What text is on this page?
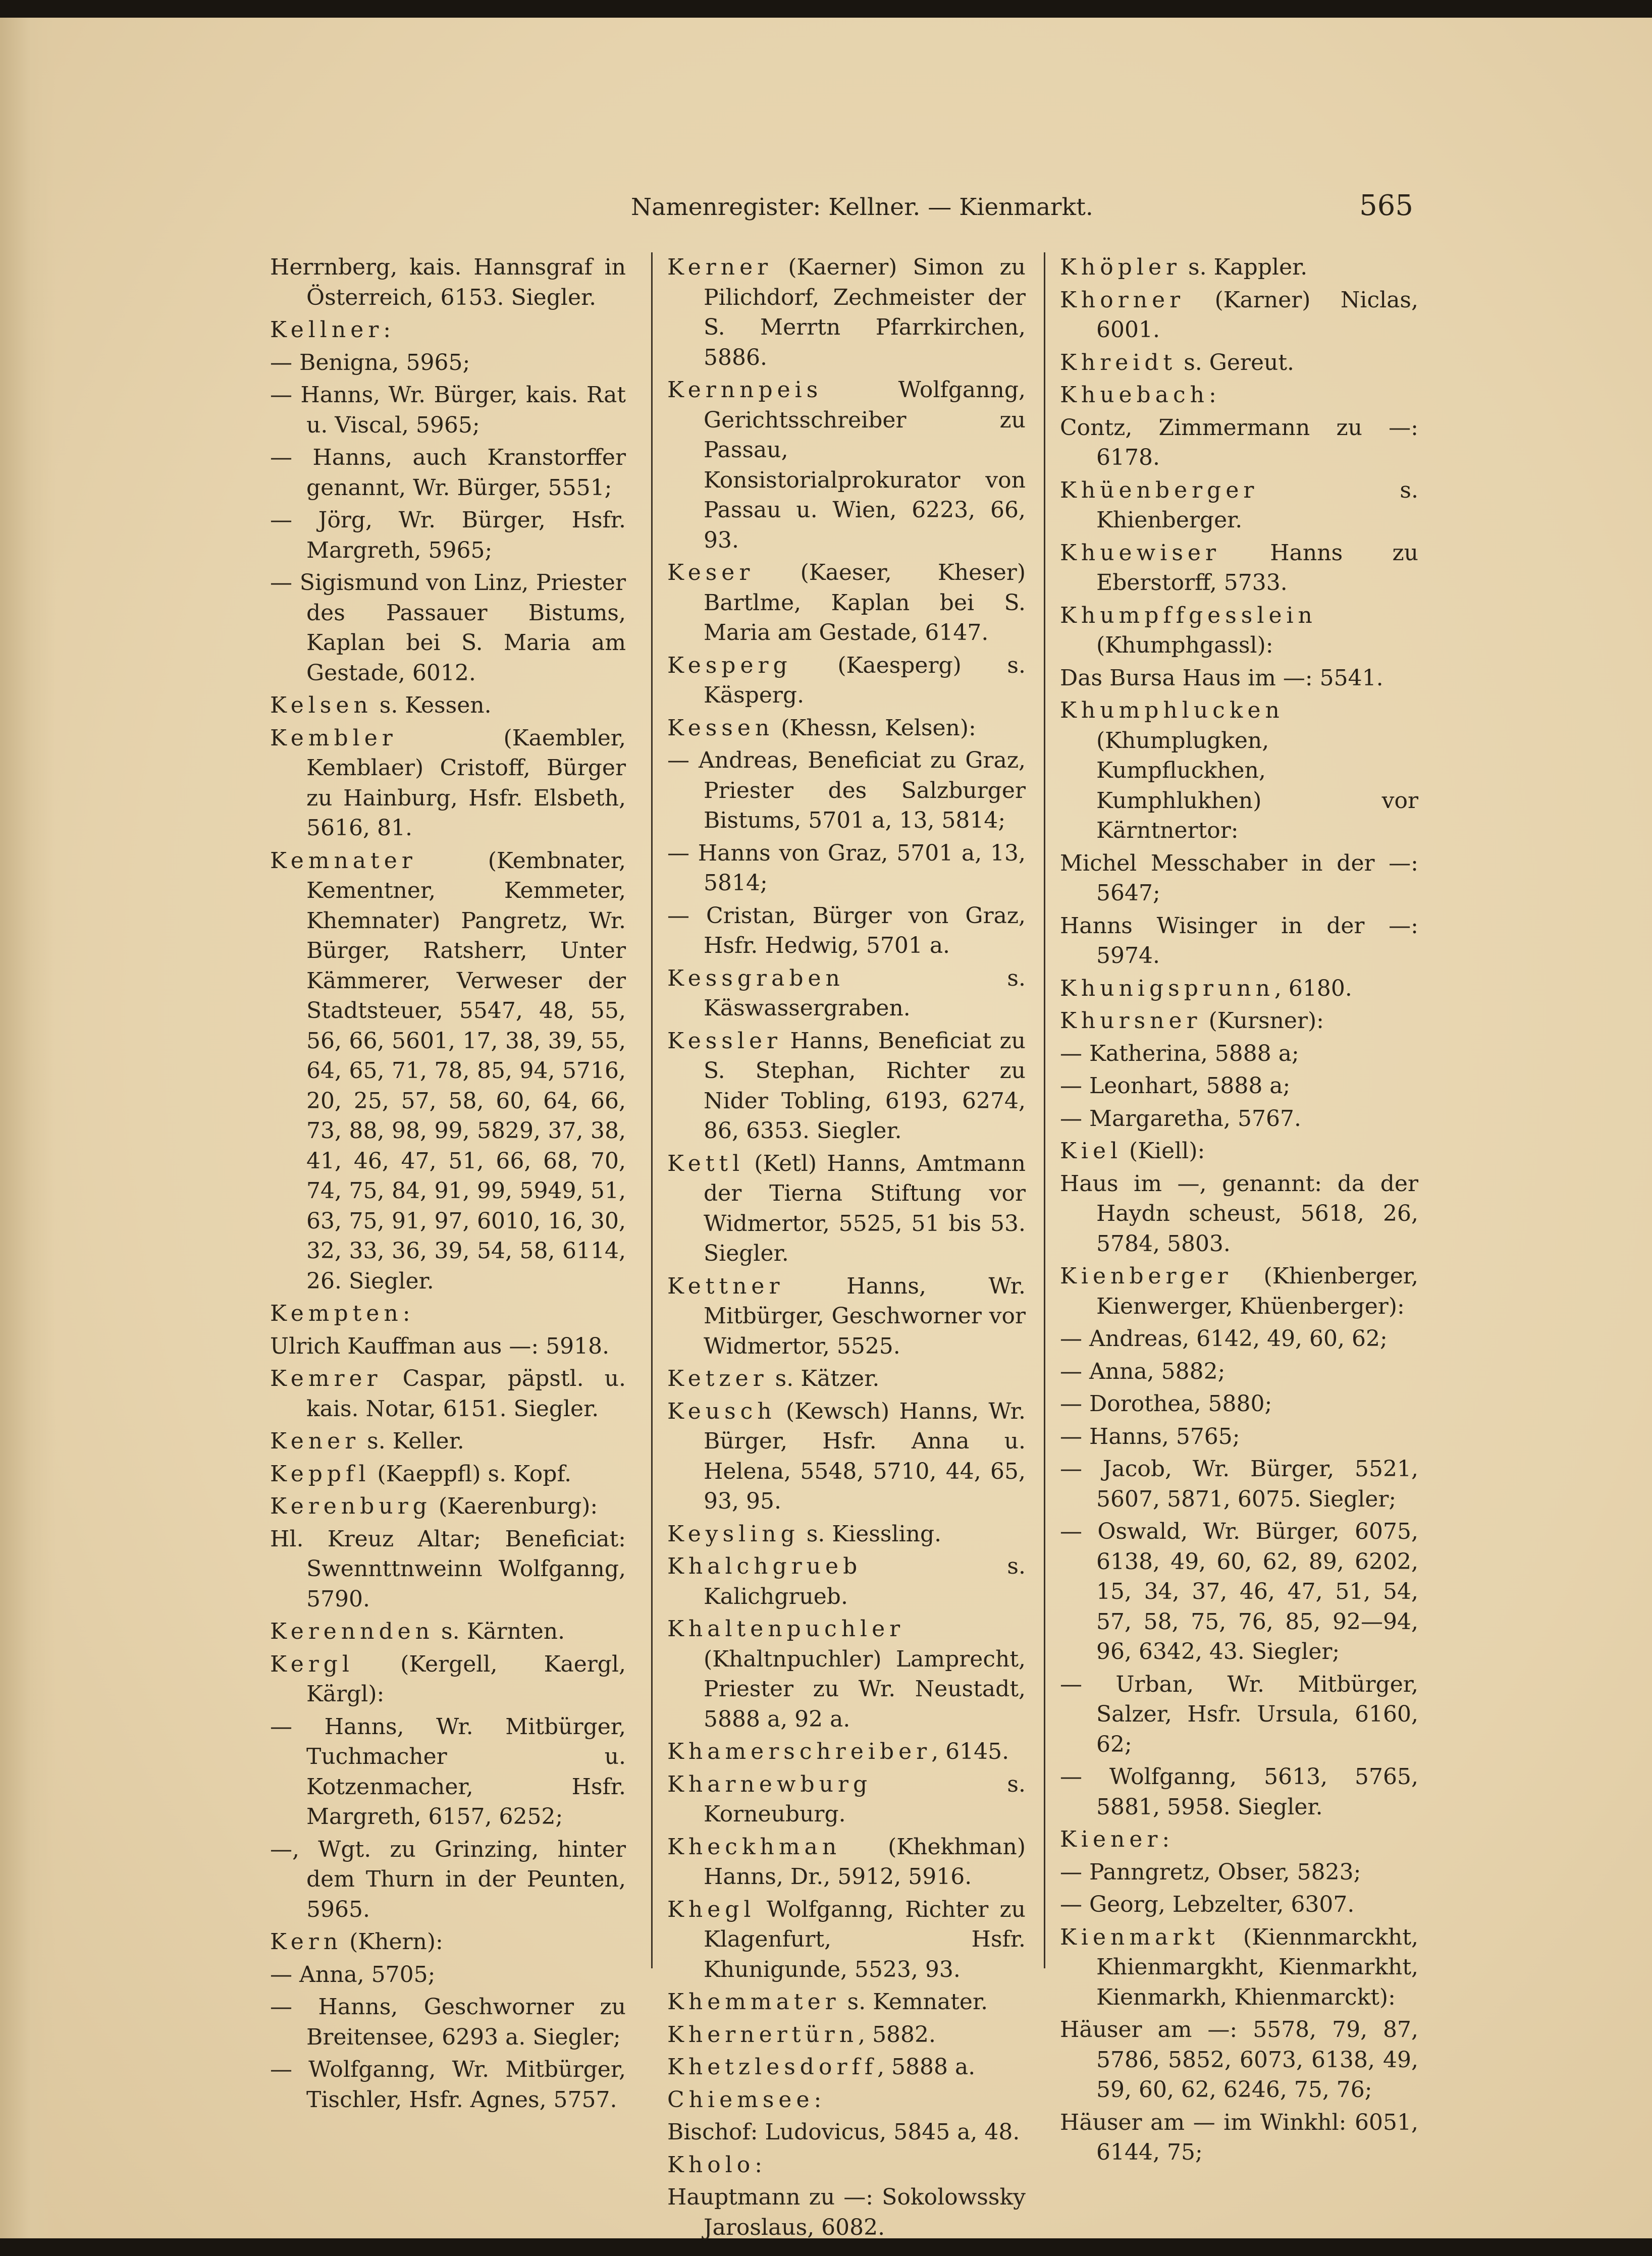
Namenregister: Kellner. — Kienmarkt.	565

Herrnberg, kais. Hannsgraf in Österreich, 6153. Siegler.

Kellner:

— Benigna, 5965;

— Hanns, Wr. Bürger, kais. Rat u. Viscal, 5965;

— Hanns, auch Kranstorffer genannt, Wr. Bürger, 5551;

— Jörg, Wr. Bürger, Hsfr. Margreth, 5965;

— Sigismund von Linz, Priester des Passauer Bistums, Kaplan bei S. Maria am Gestade, 6012.

Kelsen s. Kessen.

Kembler (Kaembler, Kemblaer) Cristoff, Bürger zu Hainburg, Hsfr. Elsbeth, 5616, 81.

Kemnater (Kembnater, Kementner, Kemmeter, Khemnater) Pangretz, Wr. Bürger, Ratsherr, Unter Kämmerer, Verweser der Stadtsteuer, 5547, 48, 55, 56, 66, 5601, 17, 38, 39, 55, 64, 65, 71, 78, 85, 94, 5716, 20, 25, 57, 58, 60, 64, 66, 73, 88, 98, 99, 5829, 37, 38, 41, 46, 47, 51, 66, 68, 70, 74, 75, 84, 91, 99, 5949, 51, 63, 75, 91, 97, 6010, 16, 30, 32, 33, 36, 39, 54, 58, 6114, 26. Siegler.

Kempten:

Ulrich Kauffman aus —: 5918.

Kemrer Caspar, päpstl. u. kais. Notar, 6151. Siegler.

Kener s. Keller.

Keppfl (Kaeppfl) s. Kopf.

Kerenburg (Kaerenburg):

Hl. Kreuz Altar; Beneficiat: Swennttnweinn Wolfganng, 5790.

Kerennden s. Kärnten.

Kergl (Kergell, Kaergl, Kärgl):

— Hanns, Wr. Mitbürger, Tuchmacher u. Kotzenmacher, Hsfr. Margreth, 6157, 6252;

—, Wgt. zu Grinzing, hinter dem Thurn in der Peunten, 5965.

Kern (Khern):

— Anna, 5705;

— Hanns, Geschworner zu Breitensee, 6293 a. Siegler;

— Wolfganng, Wr. Mitbürger, Tischler, Hsfr. Agnes, 5757.

Kerner (Kaerner) Simon zu Pilichdorf, Zechmeister der S. Merrtn Pfarrkirchen, 5886.

Kernnpeis Wolfganng, Gerichtsschreiber zu Passau, Konsistorialprokurator von Passau u. Wien, 6223, 66, 93.

Keser (Kaeser, Kheser) Bartlme, Kaplan bei S. Maria am Gestade, 6147.

Kesperg (Kaesperg) s. Käsperg.

Kessen (Khessn, Kelsen):

— Andreas, Beneficiat zu Graz, Priester des Salzburger Bistums, 5701 a, 13, 5814;

— Hanns von Graz, 5701 a, 13, 5814;

— Cristan, Bürger von Graz, Hsfr. Hedwig, 5701 a.

Kessgraben s. Käswassergraben.

Kessler Hanns, Beneficiat zu S. Stephan, Richter zu Nider Tobling, 6193, 6274, 86, 6353. Siegler.

Kettl (Ketl) Hanns, Amtmann der Tierna Stiftung vor Widmertor, 5525, 51 bis 53. Siegler.

Kettner Hanns, Wr. Mitbürger, Geschworner vor Widmertor, 5525.

Ketzer s. Kätzer.

Keusch (Kewsch) Hanns, Wr. Bürger, Hsfr. Anna u. Helena, 5548, 5710, 44, 65, 93, 95.

Keysling s. Kiessling.

Khalchgrueb s. Kalichgrueb.

Khaltenpuchler (Khaltnpuchler) Lamprecht, Priester zu Wr. Neustadt, 5888 a, 92 a.

Khamerschreiber, 6145.

Kharnewburg s. Korneuburg.

Kheckhman (Khekhman) Hanns, Dr., 5912, 5916.

Khegl Wolfganng, Richter zu Klagenfurt, Hsfr. Khunigunde, 5523, 93.

Khemmater s. Kemnater.

Khernertürn, 5882.

Khetzlesdorff, 5888 a.

Chiemsee:

Bischof: Ludovicus, 5845 a, 48.

Kholo:

Hauptmann zu —: Sokolowssky Jaroslaus, 6082.

Khöpler s. Kappler.

Khorner (Karner) Niclas, 6001.

Khreidt s. Gereut.

Khuebach:

Contz, Zimmermann zu —: 6178.

Khüenberger s. Khienberger.

Khuewiser Hanns zu Eberstorff, 5733.

Khumpffgesslein (Khumphgassl):

Das Bursa Haus im —: 5541.

Khumphlucken (Khumplugken, Kumpfluckhen, Kumphlukhen) vor Kärntnertor:

Michel Messchaber in der —: 5647;

Hanns Wisinger in der —: 5974.

Khunigsprunn, 6180.

Khursner (Kursner):

— Katherina, 5888 a;

— Leonhart, 5888 a;

— Margaretha, 5767.

Kiel (Kiell):

Haus im —, genannt: da der Haydn scheust, 5618, 26, 5784, 5803.

Kienberger (Khienberger, Kienwerger, Khüenberger):

— Andreas, 6142, 49, 60, 62;

— Anna, 5882;

— Dorothea, 5880;

— Hanns, 5765;

— Jacob, Wr. Bürger, 5521, 5607, 5871, 6075. Siegler;

— Oswald, Wr. Bürger, 6075, 6138, 49, 60, 62, 89, 6202, 15, 34, 37, 46, 47, 51, 54, 57, 58, 75, 76, 85, 92—94, 96, 6342, 43. Siegler;

— Urban, Wr. Mitbürger, Salzer, Hsfr. Ursula, 6160, 62;

— Wolfganng, 5613, 5765, 5881, 5958. Siegler.

Kiener:

— Panngretz, Obser, 5823;

— Georg, Lebzelter, 6307.

Kienmarkt (Kiennmarckht, Khienmargkht, Kienmarkht, Kienmarkh, Khienmarckt):

Häuser am —: 5578, 79, 87, 5786, 5852, 6073, 6138, 49, 59, 60, 62, 6246, 75, 76;

Häuser am — im Winkhl: 6051, 6144, 75;
